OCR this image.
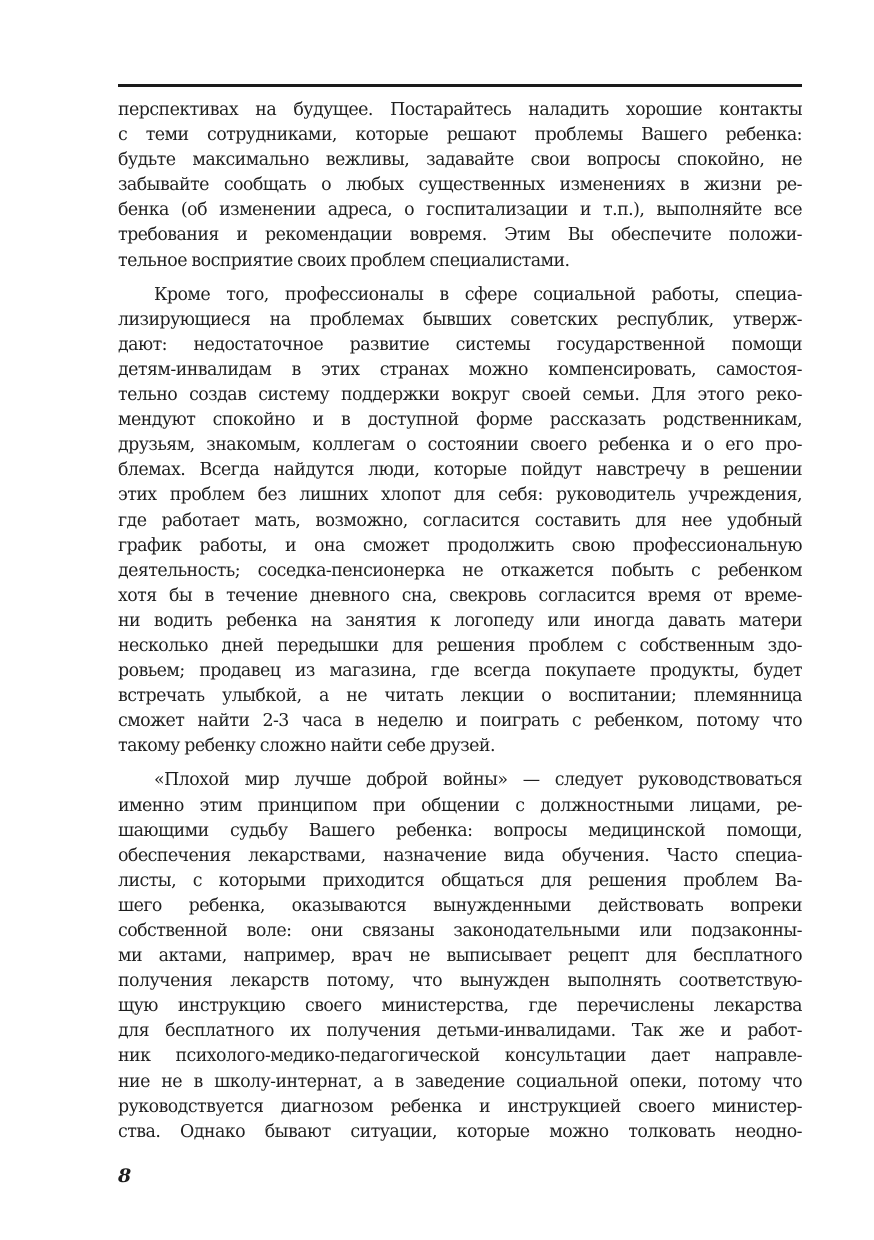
перспективах на будущее. Постарайтесь наладить хорошие контакты
с теми сотрудниками, которые решают проблемы Вашего ребенка:
будьте максимально вежливы, задавайте свои вопросы спокойно, не
забывайте сообщать о любых существенных изменениях в жизни ре-
бенка (об изменении адреса, о госпитализации и т.п.), выполняйте все
требования и рекомендации вовремя. Этим Вы обеспечите положи-
тельное восприятие своих проблем специалистами.
Кроме того, профессионалы в сфере социальной работы, специа-
лизирующиеся на проблемах бывших советских республик, утверж-
дают: недостаточное развитие системы государственной помощи
детям-инвалидам в этих странах можно компенсировать, самостоя-
тельно создав систему поддержки вокруг своей семьи. Для этого реко-
мендуют спокойно и в доступной форме рассказать родственникам,
друзьям, знакомым, коллегам о состоянии своего ребенка и о его про-
блемах. Всегда найдутся люди, которые пойдут навстречу в решении
этих проблем без лишних хлопот для себя: руководитель учреждения,
где работает мать, возможно, согласится составить для нее удобный
график работы, и она сможет продолжить свою профессиональную
деятельность; соседка-пенсионерка не откажется побыть с ребенком
хотя бы в течение дневного сна, свекровь согласится время от време-
ни водить ребенка на занятия к логопеду или иногда давать матери
несколько дней передышки для решения проблем с собственным здо-
ровьем; продавец из магазина, где всегда покупаете продукты, будет
встречать улыбкой, а не читать лекции о воспитании; племянница
сможет найти 2-3 часа в неделю и поиграть с ребенком, потому что
такому ребенку сложно найти себе друзей.
«Плохой мир лучше доброй войны» — следует руководствоваться
именно этим принципом при общении с должностными лицами, ре-
шающими судьбу Вашего ребенка: вопросы медицинской помощи,
обеспечения лекарствами, назначение вида обучения. Часто специа-
листы, с которыми приходится общаться для решения проблем Ва-
шего ребенка, оказываются вынужденными действовать вопреки
собственной воле: они связаны законодательными или подзаконны-
ми актами, например, врач не выписывает рецепт для бесплатного
получения лекарств потому, что вынужден выполнять соответствую-
щую инструкцию своего министерства, где перечислены лекарства
для бесплатного их получения детьми-инвалидами. Так же и работ-
ник психолого-медико-педагогической консультации дает направле-
ние не в школу-интернат, а в заведение социальной опеки, потому что
руководствуется диагнозом ребенка и инструкцией своего министер-
ства. Однако бывают ситуации, которые можно толковать неодно-
8
